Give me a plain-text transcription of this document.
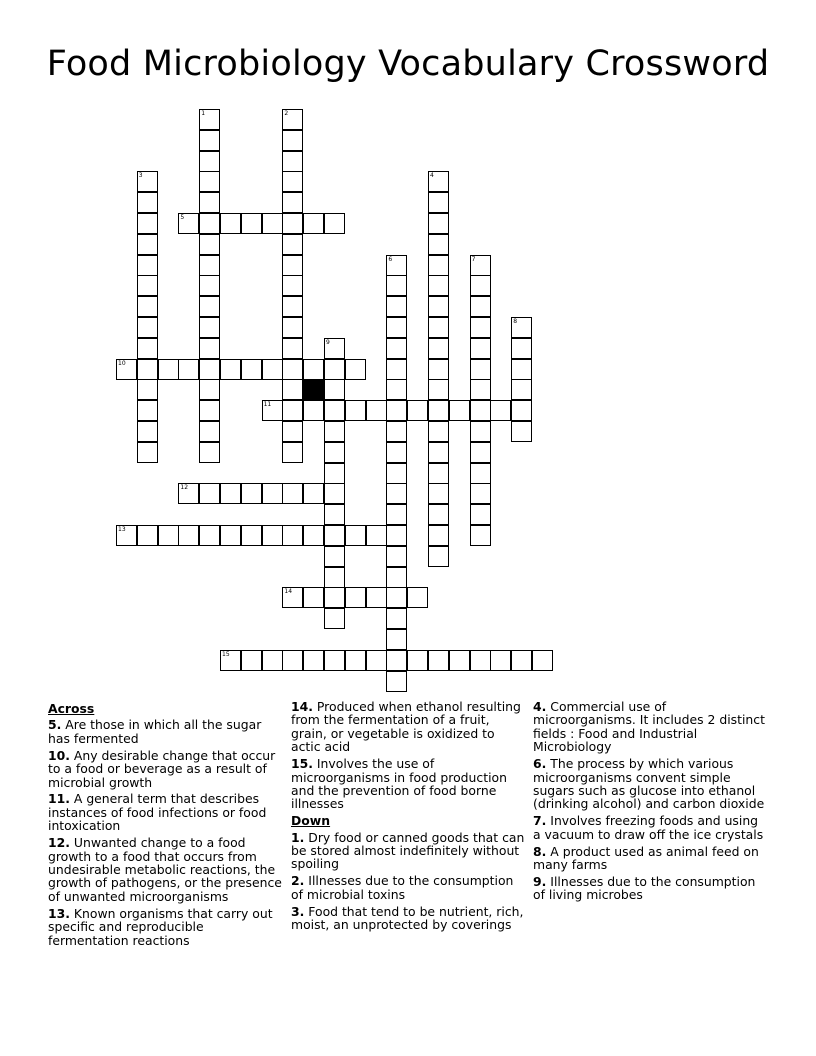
Food Microbiology Vocabulary Crossword
1	2
3	4
5
6	7
8
9
10
11
12
13
14
15
Across
5. Are those in which all the sugar has fermented
10. Any desirable change that occur to a food or beverage as a result of microbial growth
11. A general term that describes instances of food infections or food intoxication
12. Unwanted change to a food growth to a food that occurs from undesirable metabolic reactions, the growth of pathogens, or the presence of unwanted microorganisms
13. Known organisms that carry out specific and reproducible fermentation reactions
14. Produced when ethanol resulting from the fermentation of a fruit, grain, or vegetable is oxidized to actic acid
15. Involves the use of microorganisms in food production and the prevention of food borne illnesses
Down
1. Dry food or canned goods that can be stored almost indefinitely without spoiling
2. Illnesses due to the consumption of microbial toxins
3. Food that tend to be nutrient, rich, moist, an unprotected by coverings
4. Commercial use of microorganisms. It includes 2 distinct fields : Food and Industrial Microbiology
6. The process by which various microorganisms convent simple sugars such as glucose into ethanol (drinking alcohol) and carbon dioxide
7. Involves freezing foods and using a vacuum to draw off the ice crystals
8. A product used as animal feed on many farms
9. Illnesses due to the consumption of living microbes
